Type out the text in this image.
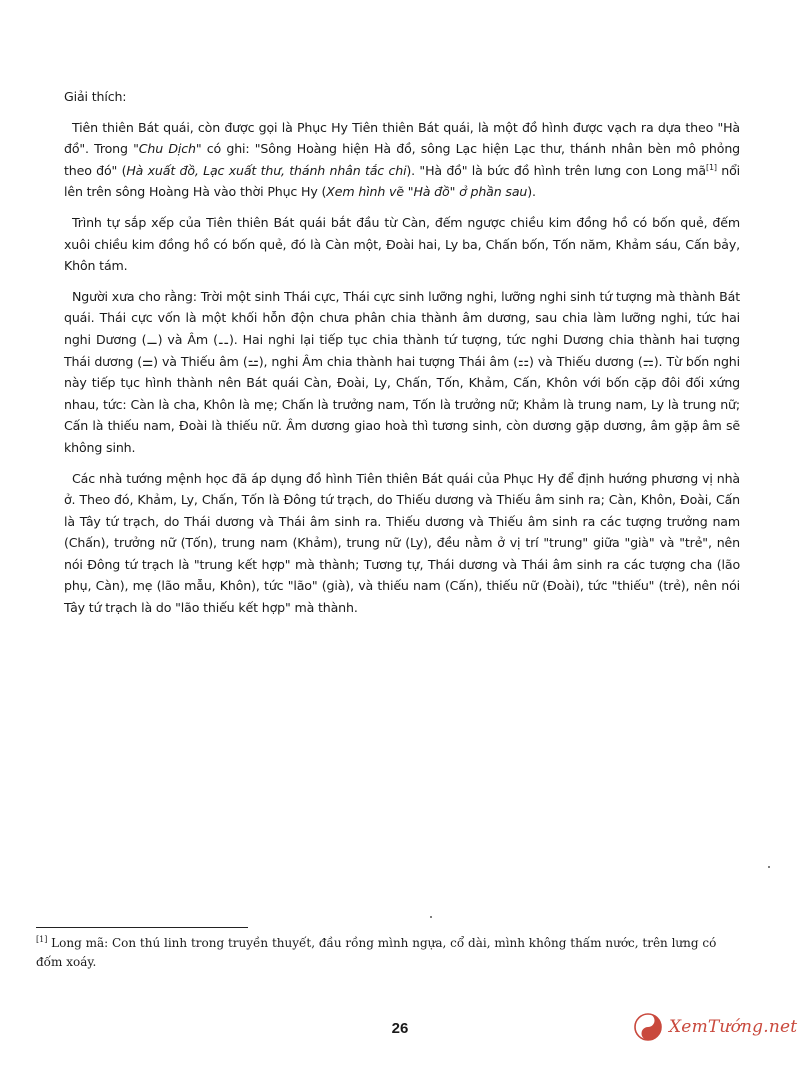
Giải thích:

Tiên thiên Bát quái, còn được gọi là Phục Hy Tiên thiên Bát quái, là một đồ hình được vạch ra dựa theo "Hà đồ". Trong "Chu Dịch" có ghi: "Sông Hoàng hiện Hà đồ, sông Lạc hiện Lạc thư, thánh nhân bèn mô phỏng theo đó" (Hà xuất đồ, Lạc xuất thư, thánh nhân tắc chi). "Hà đồ" là bức đồ hình trên lưng con Long mã[1] nổi lên trên sông Hoàng Hà vào thời Phục Hy (Xem hình vẽ "Hà đồ" ở phần sau).

Trình tự sắp xếp của Tiên thiên Bát quái bắt đầu từ Càn, đếm ngược chiều kim đồng hồ có bốn quẻ, đếm xuôi chiều kim đồng hồ có bốn quẻ, đó là Càn một, Đoài hai, Ly ba, Chấn bốn, Tốn năm, Khảm sáu, Cấn bảy, Khôn tám.

Người xưa cho rằng: Trời một sinh Thái cực, Thái cực sinh lưỡng nghi, lưỡng nghi sinh tứ tượng mà thành Bát quái. Thái cực vốn là một khối hỗn độn chưa phân chia thành âm dương, sau chia làm lưỡng nghi, tức hai nghi Dương (⚊) và Âm (⚋). Hai nghi lại tiếp tục chia thành tứ tượng, tức nghi Dương chia thành hai tượng Thái dương (⚌) và Thiếu âm (⚍), nghi Âm chia thành hai tượng Thái âm (⚏) và Thiếu dương (⚎). Từ bốn nghi này tiếp tục hình thành nên Bát quái Càn, Đoài, Ly, Chấn, Tốn, Khảm, Cấn, Khôn với bốn cặp đôi đối xứng nhau, tức: Càn là cha, Khôn là mẹ; Chấn là trưởng nam, Tốn là trưởng nữ; Khảm là trung nam, Ly là trung nữ; Cấn là thiếu nam, Đoài là thiếu nữ. Âm dương giao hoà thì tương sinh, còn dương gặp dương, âm gặp âm sẽ không sinh.

Các nhà tướng mệnh học đã áp dụng đồ hình Tiên thiên Bát quái của Phục Hy để định hướng phương vị nhà ở. Theo đó, Khảm, Ly, Chấn, Tốn là Đông tứ trạch, do Thiếu dương và Thiếu âm sinh ra; Càn, Khôn, Đoài, Cấn là Tây tứ trạch, do Thái dương và Thái âm sinh ra. Thiếu dương và Thiếu âm sinh ra các tượng trưởng nam (Chấn), trưởng nữ (Tốn), trung nam (Khảm), trung nữ (Ly), đều nằm ở vị trí "trung" giữa "già" và "trẻ", nên nói Đông tứ trạch là "trung kết hợp" mà thành; Tương tự, Thái dương và Thái âm sinh ra các tượng cha (lão phụ, Càn), mẹ (lão mẫu, Khôn), tức "lão" (già), và thiếu nam (Cấn), thiếu nữ (Đoài), tức "thiếu" (trẻ), nên nói Tây tứ trạch là do "lão thiếu kết hợp" mà thành.

[1] Long mã: Con thú linh trong truyền thuyết, đầu rồng mình ngựa, cổ dài, mình không thấm nước, trên lưng có đốm xoáy.
26	XemTướng.net
